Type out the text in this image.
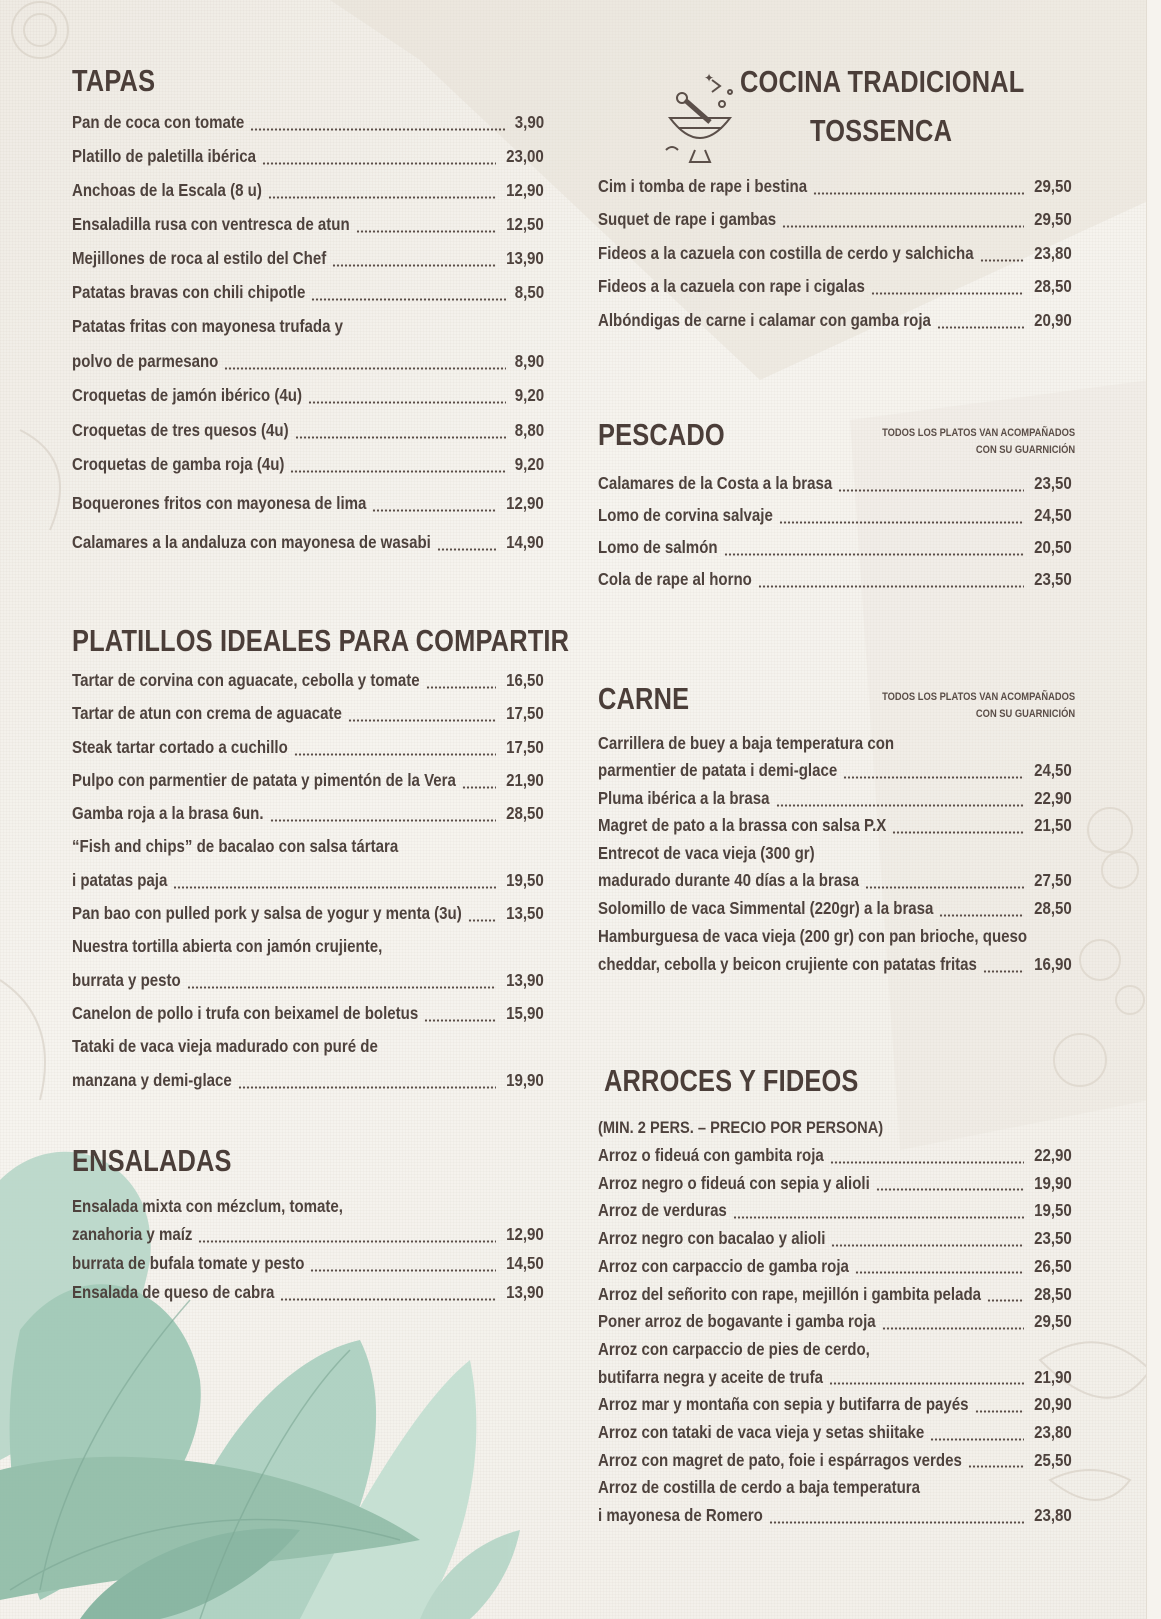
TAPAS
Pan de coca con tomate	3,90
Platillo de paletilla ibérica	23,00
Anchoas de la Escala (8 u)	12,90
Ensaladilla rusa con ventresca de atun	12,50
Mejillones de roca al estilo del Chef	13,90
Patatas bravas con chili chipotle	8,50
Patatas fritas con mayonesa trufada y
polvo de parmesano	8,90
Croquetas de jamón ibérico (4u)	9,20
Croquetas de tres quesos (4u)	8,80
Croquetas de gamba roja (4u)	9,20
Boquerones fritos con mayonesa de lima	12,90
Calamares a la andaluza con mayonesa de wasabi	14,90
PLATILLOS IDEALES PARA COMPARTIR
Tartar de corvina con aguacate, cebolla y tomate	16,50
Tartar de atun con crema de aguacate	17,50
Steak tartar cortado a cuchillo	17,50
Pulpo con parmentier de patata y pimentón de la Vera	21,90
Gamba roja a la brasa 6un.	28,50
“Fish and chips” de bacalao con salsa tártara
i patatas paja	19,50
Pan bao con pulled pork y salsa de yogur y menta (3u)	13,50
Nuestra tortilla abierta con jamón crujiente,
burrata y pesto	13,90
Canelon de pollo i trufa con beixamel de boletus	15,90
Tataki de vaca vieja madurado con puré de
manzana y demi-glace	19,90
ENSALADAS
Ensalada mixta con mézclum, tomate,
zanahoria y maíz	12,90
burrata de bufala tomate y pesto	14,50
Ensalada de queso de cabra	13,90
✦ COCINA TRADICIONAL
TOSSENCA
Cim i tomba de rape i bestina	29,50
Suquet de rape i gambas	29,50
Fideos a la cazuela con costilla de cerdo y salchicha	23,80
Fideos a la cazuela con rape i cigalas	28,50
Albóndigas de carne i calamar con gamba roja	20,90
PESCADO	TODOS LOS PLATOS VAN ACOMPAÑADOS
CON SU GUARNICIÓN
Calamares de la Costa a la brasa	23,50
Lomo de corvina salvaje	24,50
Lomo de salmón	20,50
Cola de rape al horno	23,50
CARNE	TODOS LOS PLATOS VAN ACOMPAÑADOS
CON SU GUARNICIÓN
Carrillera de buey a baja temperatura con
parmentier de patata i demi-glace	24,50
Pluma ibérica a la brasa	22,90
Magret de pato a la brassa con salsa P.X	21,50
Entrecot de vaca vieja (300 gr)
madurado durante 40 días a la brasa	27,50
Solomillo de vaca Simmental (220gr) a la brasa	28,50
Hamburguesa de vaca vieja (200 gr) con pan brioche, queso
cheddar, cebolla y beicon crujiente con patatas fritas	16,90
ARROCES Y FIDEOS
(MIN. 2 PERS. – PRECIO POR PERSONA)
Arroz o fideuá con gambita roja	22,90
Arroz negro o fideuá con sepia y alioli	19,90
Arroz de verduras	19,50
Arroz negro con bacalao y alioli	23,50
Arroz con carpaccio de gamba roja	26,50
Arroz del señorito con rape, mejillón i gambita pelada	28,50
Poner arroz de bogavante i gamba roja	29,50
Arroz con carpaccio de pies de cerdo,
butifarra negra y aceite de trufa	21,90
Arroz mar y montaña con sepia y butifarra de payés	20,90
Arroz con tataki de vaca vieja y setas shiitake	23,80
Arroz con magret de pato, foie i espárragos verdes	25,50
Arroz de costilla de cerdo a baja temperatura
i mayonesa de Romero	23,80
